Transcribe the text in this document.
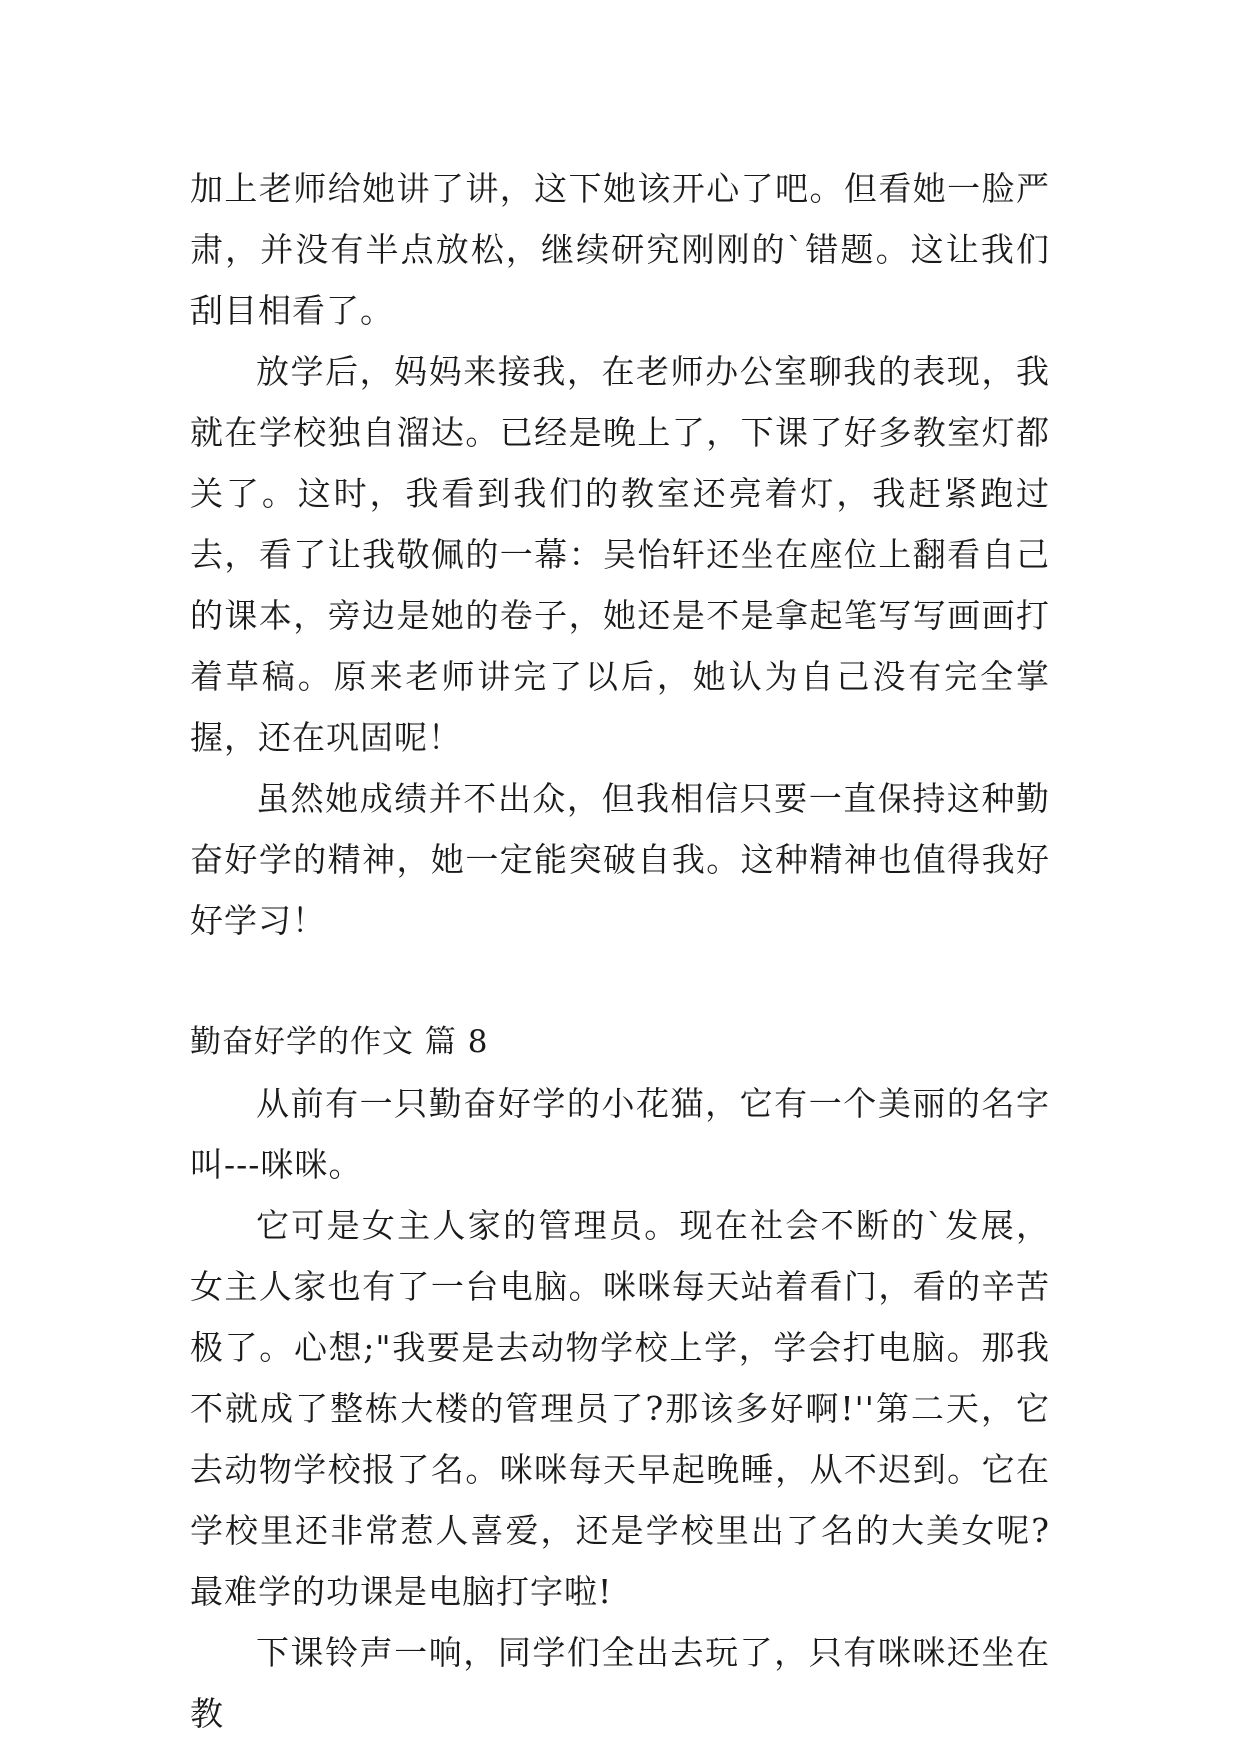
加上老师给她讲了讲，这下她该开心了吧。但看她一脸严肃，并没有半点放松，继续研究刚刚的`错题。这让我们刮目相看了。

放学后，妈妈来接我，在老师办公室聊我的表现，我就在学校独自溜达。已经是晚上了，下课了好多教室灯都关了。这时，我看到我们的教室还亮着灯，我赶紧跑过去，看了让我敬佩的一幕：吴怡轩还坐在座位上翻看自己的课本，旁边是她的卷子，她还是不是拿起笔写写画画打着草稿。原来老师讲完了以后，她认为自己没有完全掌握，还在巩固呢！

虽然她成绩并不出众，但我相信只要一直保持这种勤奋好学的精神，她一定能突破自我。这种精神也值得我好好学习！

勤奋好学的作文 篇 8

从前有一只勤奋好学的小花猫，它有一个美丽的名字叫---咪咪。

它可是女主人家的管理员。现在社会不断的`发展，女主人家也有了一台电脑。咪咪每天站着看门，看的辛苦极了。心想;"我要是去动物学校上学，学会打电脑。那我不就成了整栋大楼的管理员了?那该多好啊!''第二天，它去动物学校报了名。咪咪每天早起晚睡，从不迟到。它在学校里还非常惹人喜爱，还是学校里出了名的大美女呢?最难学的功课是电脑打字啦!

下课铃声一响，同学们全出去玩了，只有咪咪还坐在教
